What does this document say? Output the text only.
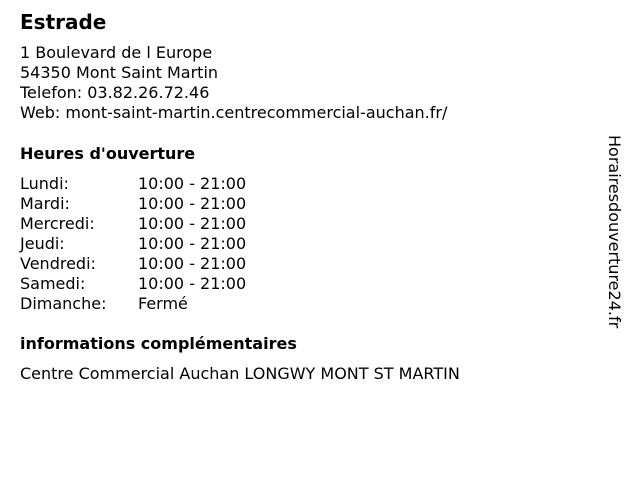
Estrade
1 Boulevard de l Europe
54350 Mont Saint Martin
Telefon: 03.82.26.72.46
Web: mont-saint-martin.centrecommercial-auchan.fr/
Heures d'ouverture
Lundi:	10:00 - 21:00
Mardi:	10:00 - 21:00
Mercredi:	10:00 - 21:00
Jeudi:	10:00 - 21:00
Vendredi:	10:00 - 21:00
Samedi:	10:00 - 21:00
Dimanche: Fermé
informations complémentaires
Centre Commercial Auchan LONGWY MONT ST MARTIN
Horairesdouverture24.fr
